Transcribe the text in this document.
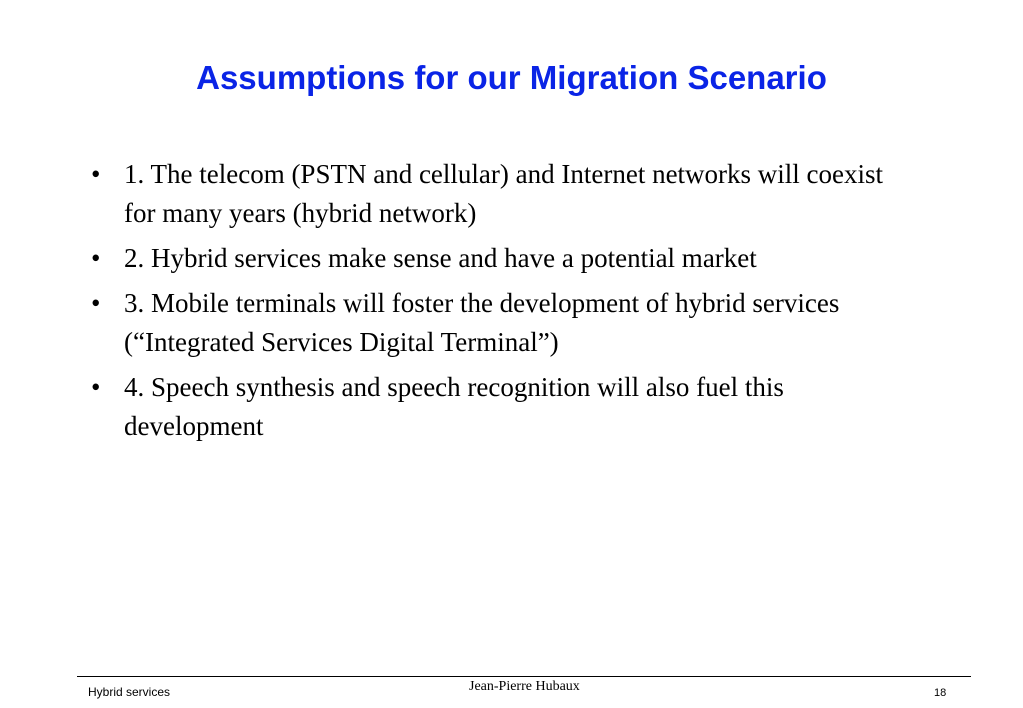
Assumptions for our Migration Scenario
• 1. The telecom (PSTN and cellular) and Internet networks will coexist for many years (hybrid network)
• 2. Hybrid services make sense and have a potential market
• 3. Mobile terminals will foster the development of hybrid services (“Integrated Services Digital Terminal”)
• 4. Speech synthesis and speech recognition will also fuel this development
Hybrid services	Jean-Pierre Hubaux	18
